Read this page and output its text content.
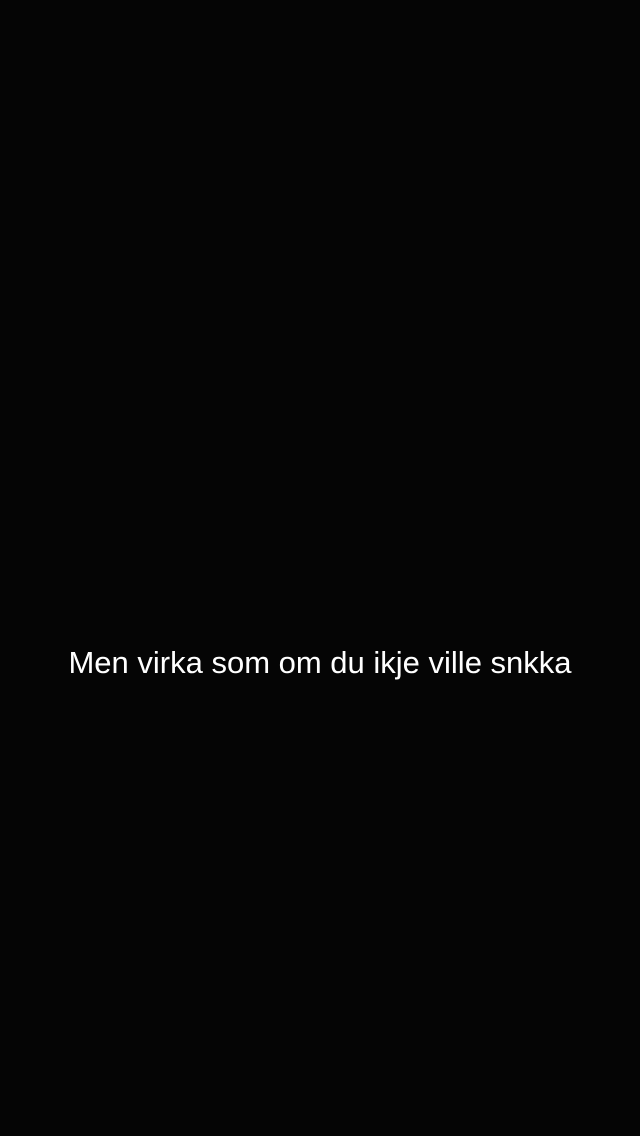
Men virka som om du ikje ville snkka
